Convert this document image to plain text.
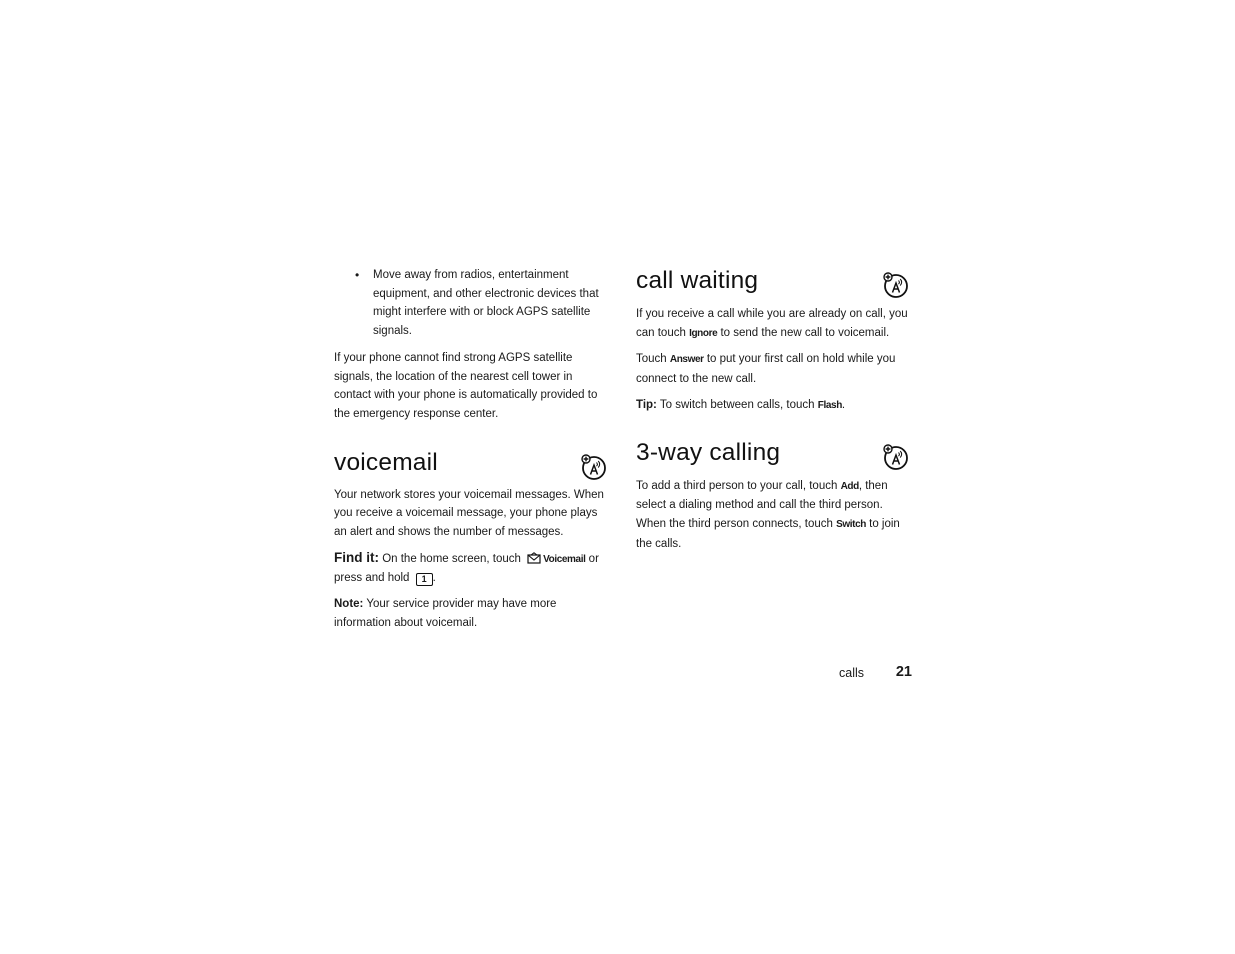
• Move away from radios, entertainment equipment, and other electronic devices that might interfere with or block AGPS satellite signals.

If your phone cannot find strong AGPS satellite signals, the location of the nearest cell tower in contact with your phone is automatically provided to the emergency response center.

voicemail

Your network stores your voicemail messages. When you receive a voicemail message, your phone plays an alert and shows the number of messages.

Find it: On the home screen, touch Voicemail or press and hold 1 .

Note: Your service provider may have more information about voicemail.

call waiting

If you receive a call while you are already on call, you can touch Ignore to send the new call to voicemail.

Touch Answer to put your first call on hold while you connect to the new call.

Tip: To switch between calls, touch Flash.

3-way calling

To add a third person to your call, touch Add, then select a dialing method and call the third person. When the third person connects, touch Switch to join the calls.

calls 21
